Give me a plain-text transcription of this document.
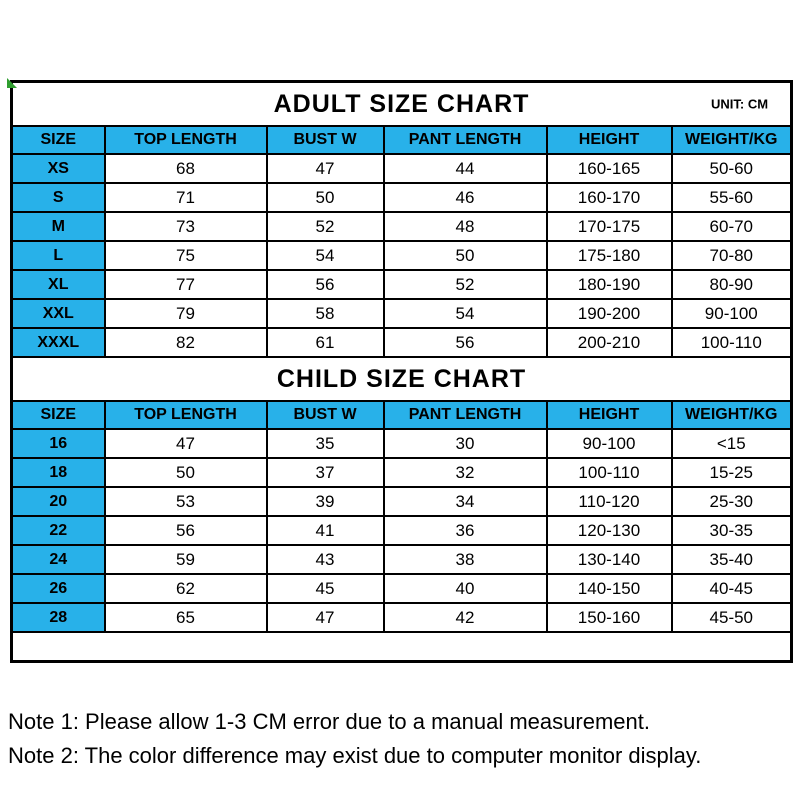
ADULT SIZE CHART UNIT: CM					

SIZE	TOP LENGTH	BUST W	PANT LENGTH	HEIGHT	WEIGHT/KG
XS	68	47	44	160-165	50-60
S	71	50	46	160-170	55-60
M	73	52	48	170-175	60-70
L	75	54	50	175-180	70-80
XL	77	56	52	180-190	80-90
XXL	79	58	54	190-200	90-100
XXXL	82	61	56	200-210	100-110
CHILD SIZE CHART					
SIZE	TOP LENGTH	BUST W	PANT LENGTH	HEIGHT	WEIGHT/KG
16	47	35	30	90-100	<15
18	50	37	32	100-110	15-25
20	53	39	34	110-120	25-30
22	56	41	36	120-130	30-35
24	59	43	38	130-140	35-40
26	62	45	40	140-150	40-45
28	65	47	42	150-160	45-50

Note 1: Please allow 1-3 CM error due to a manual measurement.
Note 2: The color difference may exist due to computer monitor display.
